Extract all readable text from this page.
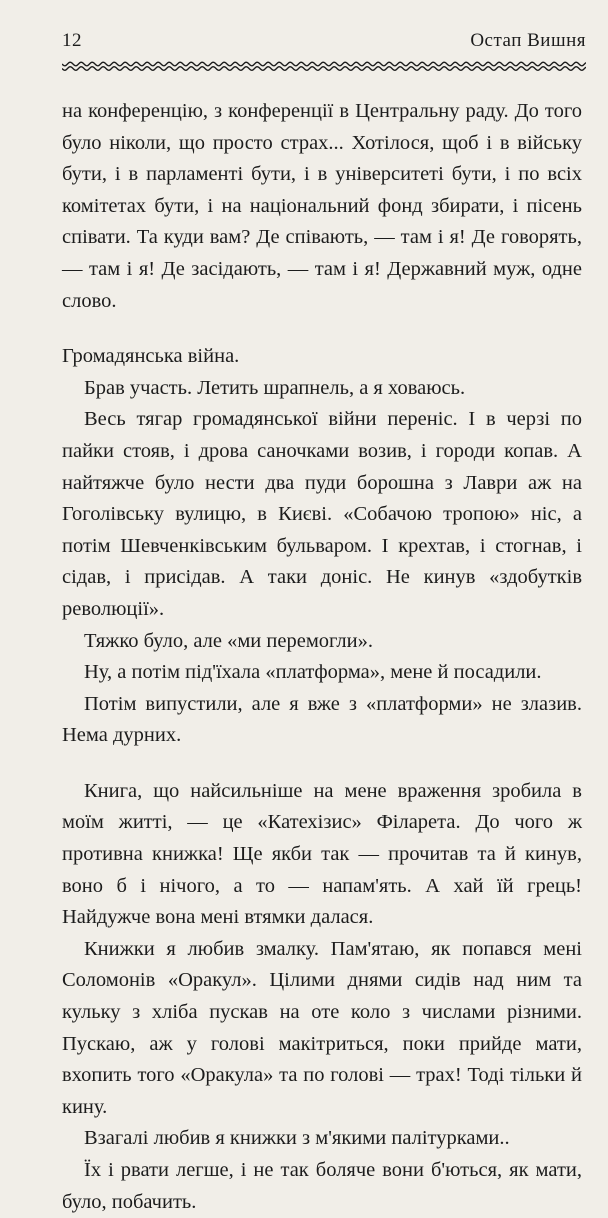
12	Остап Вишня

на конференцію, з конференції в Центральну раду. До того було ніколи, що просто страх... Хотілося, щоб і в війську бути, і в парламенті бути, і в університеті бути, і по всіх комітетах бути, і на національний фонд збирати, і пісень співати. Та куди вам? Де співають, — там і я! Де говорять, — там і я! Де засідають, — там і я! Державний муж, одне слово.

Громадянська війна.

Брав участь. Летить шрапнель, а я ховаюсь.

Весь тягар громадянської війни переніс. І в черзі по пайки стояв, і дрова саночками возив, і городи копав. А найтяжче було нести два пуди борошна з Лаври аж на Гоголівську вулицю, в Києві. «Собачою тропою» ніс, а потім Шевченківським бульваром. І крехтав, і стогнав, і сідав, і присідав. А таки доніс. Не кинув «здобутків революції».

Тяжко було, але «ми перемогли».

Ну, а потім під'їхала «платформа», мене й посадили.

Потім випустили, але я вже з «платформи» не злазив. Нема дурних.

Книга, що найсильніше на мене враження зробила в моїм житті, — це «Катехізис» Філарета. До чого ж противна книжка! Ще якби так — прочитав та й кинув, воно б і нічого, а то — напам'ять. А хай їй грець! Найдужче вона мені втямки далася.

Книжки я любив змалку. Пам'ятаю, як попався мені Соломонів «Оракул». Цілими днями сидів над ним та кульку з хліба пускав на оте коло з числами різними. Пускаю, аж у голові макітриться, поки прийде мати, вхопить того «Оракула» та по голові — трах! Тоді тільки й кину.

Взагалі любив я книжки з м'якими палітурками..

Їх і рвати легше, і не так боляче вони б'ються, як мати, було, побачить.
